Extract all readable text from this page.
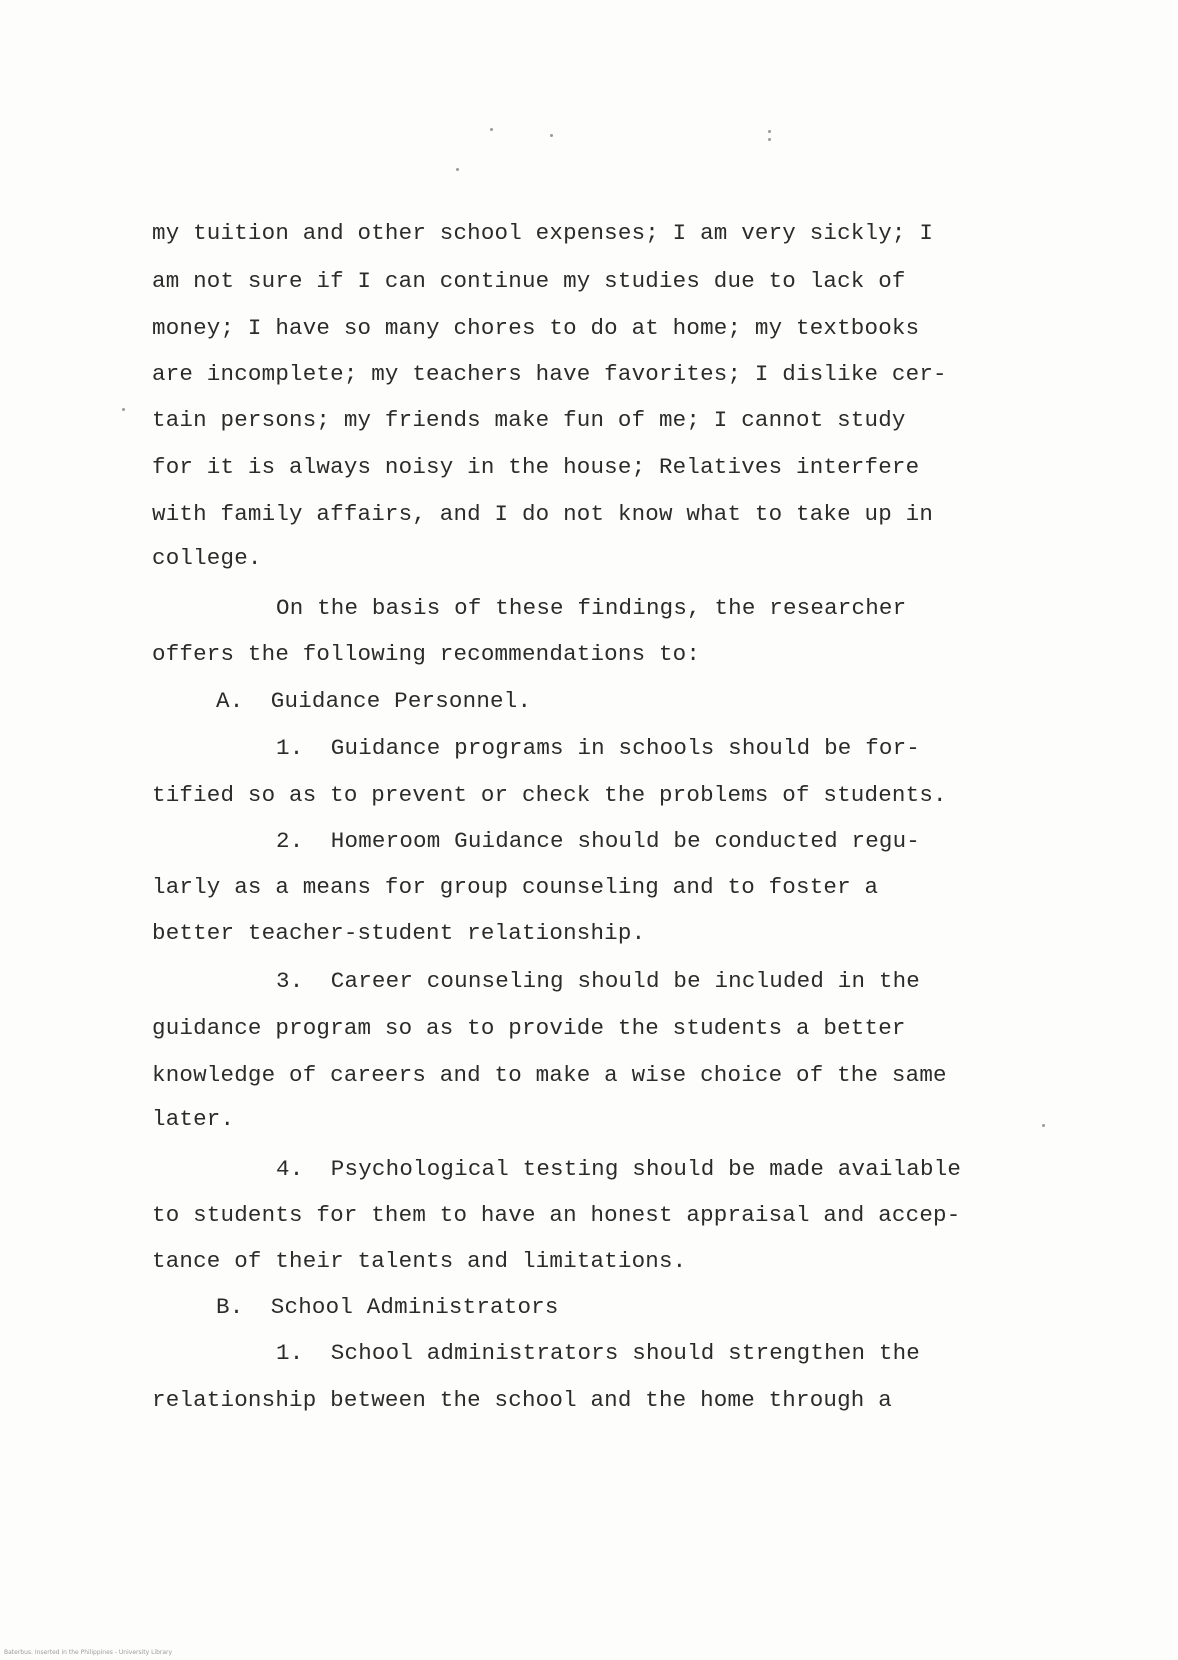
my tuition and other school expenses; I am very sickly; I

am not sure if I can continue my studies due to lack of

money; I have so many chores to do at home; my textbooks

are incomplete; my teachers have favorites; I dislike cer-

tain persons; my friends make fun of me; I cannot study

for it is always noisy in the house; Relatives interfere

with family affairs, and I do not know what to take up in

college.

On the basis of these findings, the researcher

offers the following recommendations to:

A.  Guidance Personnel.

1.  Guidance programs in schools should be for-

tified so as to prevent or check the problems of students.

2.  Homeroom Guidance should be conducted regu-

larly as a means for group counseling and to foster a

better teacher-student relationship.

3.  Career counseling should be included in the

guidance program so as to provide the students a better

knowledge of careers and to make a wise choice of the same

later.

4.  Psychological testing should be made available

to students for them to have an honest appraisal and accep-

tance of their talents and limitations.

B.  School Administrators

1.  School administrators should strengthen the

relationship between the school and the home through a

Baterbus. Inserted in the Philippines - University Library
